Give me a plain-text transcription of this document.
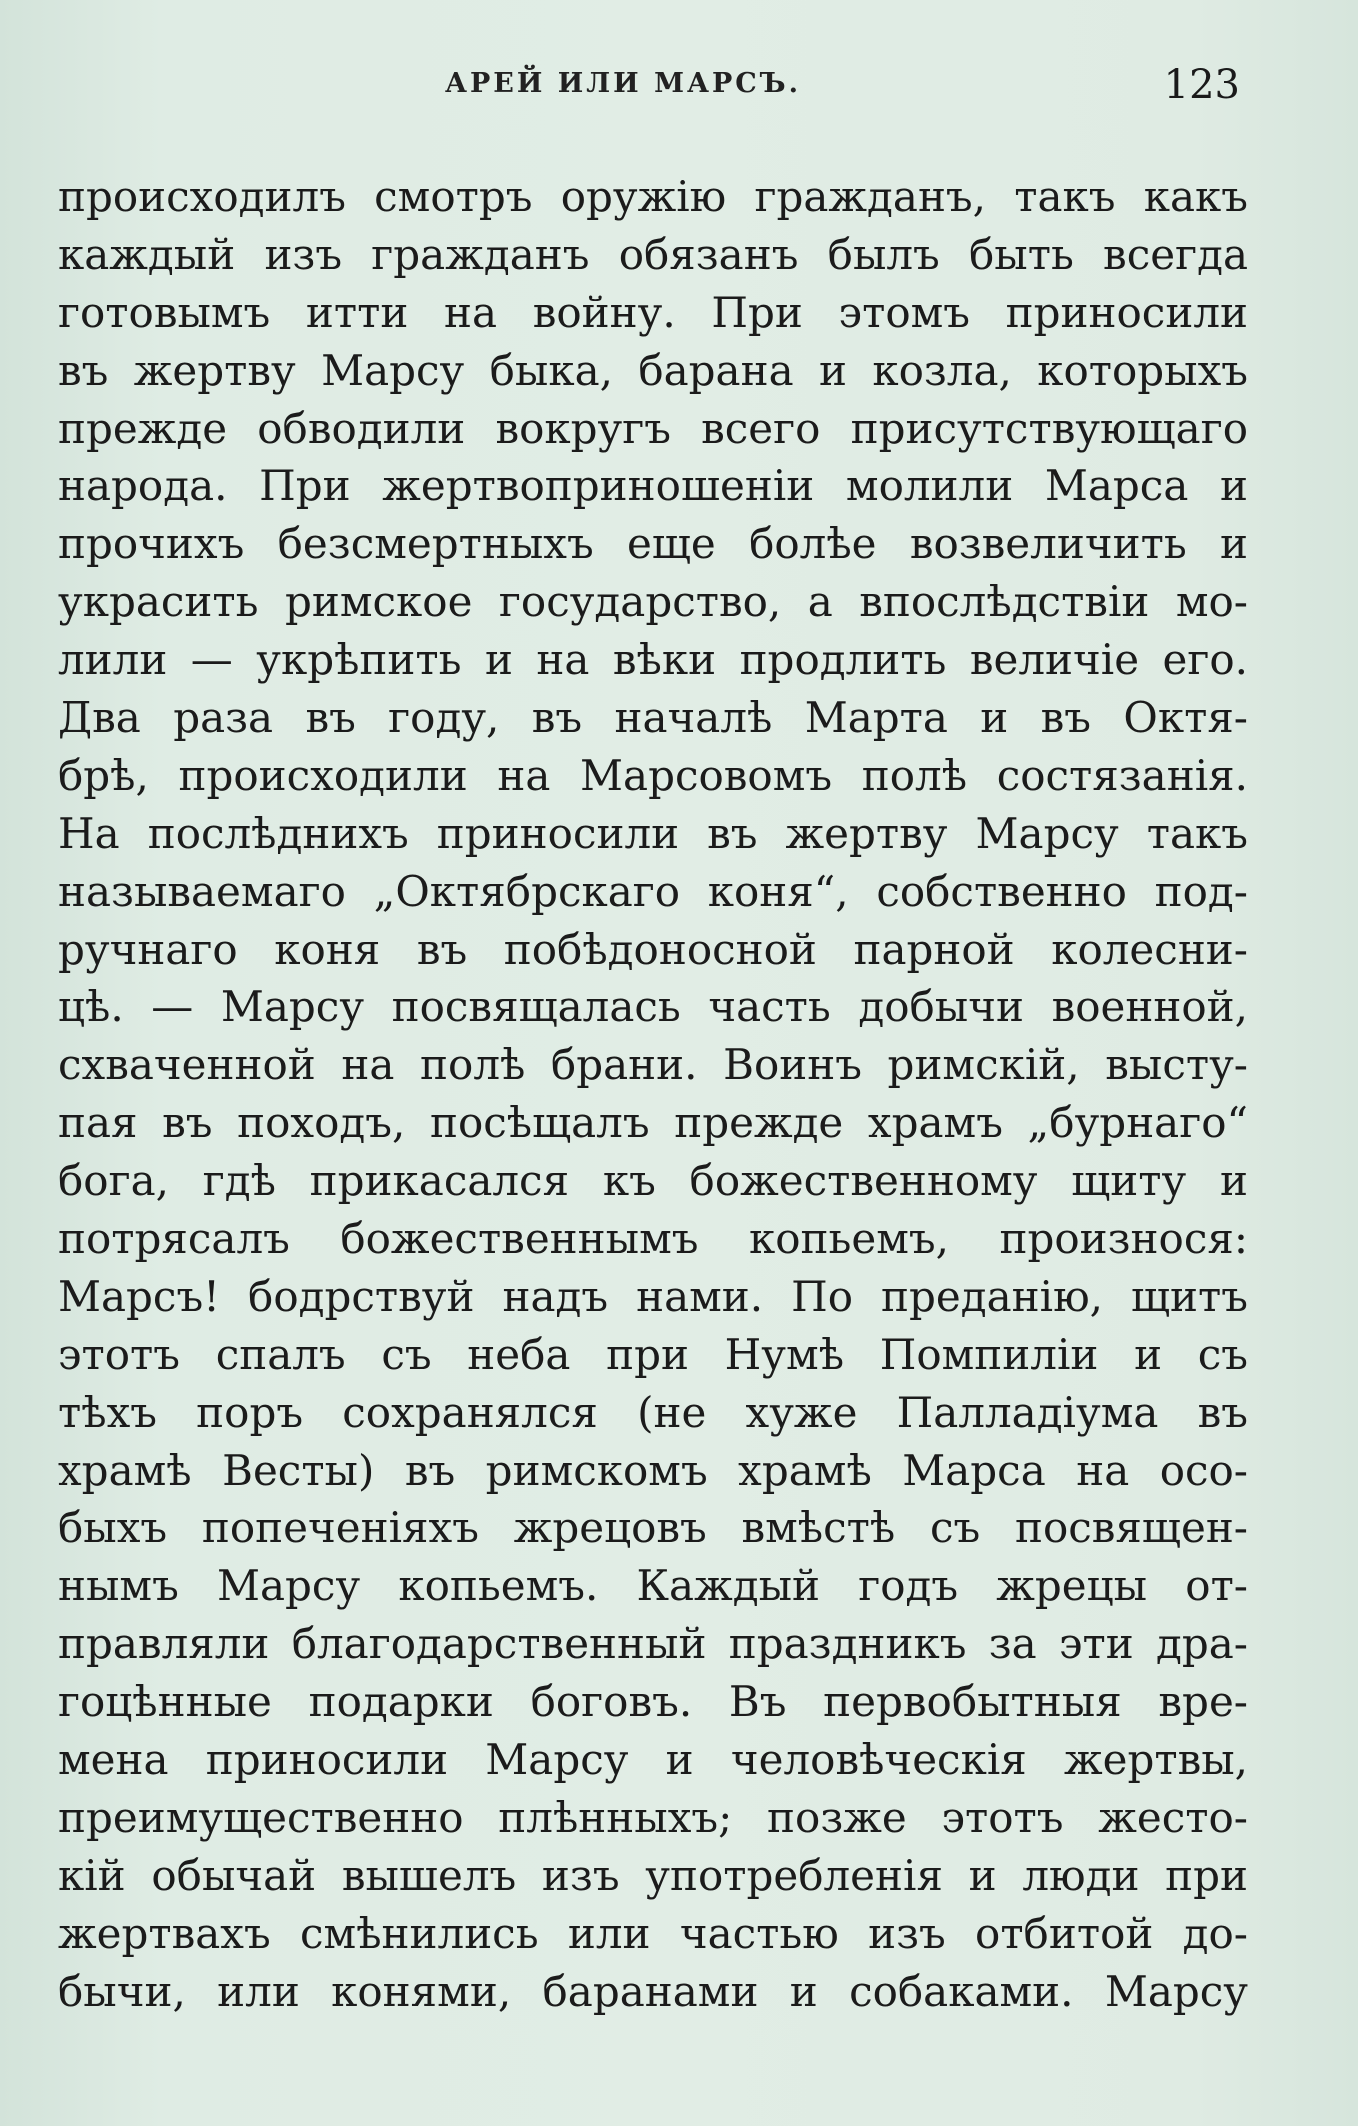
АРЕЙ ИЛИ МАРСЪ.	123
происходилъ смотръ оружію гражданъ, такъ какъ
каждый изъ гражданъ обязанъ былъ быть всегда
готовымъ итти на войну. При этомъ приносили
въ жертву Марсу быка, барана и козла, которыхъ
прежде обводили вокругъ всего присутствующаго
народа. При жертвоприношеніи молили Марса и
прочихъ безсмертныхъ еще болѣе возвеличить и
украсить римское государство, а впослѣдствіи мо-
лили — укрѣпить и на вѣки продлить величіе его.
Два раза въ году, въ началѣ Марта и въ Октя-
брѣ, происходили на Марсовомъ полѣ состязанія.
На послѣднихъ приносили въ жертву Марсу такъ
называемаго „Октябрскаго коня“, собственно под-
ручнаго коня въ побѣдоносной парной колесни-
цѣ. — Марсу посвящалась часть добычи военной,
схваченной на полѣ брани. Воинъ римскій, высту-
пая въ походъ, посѣщалъ прежде храмъ „бурнаго“
бога, гдѣ прикасался къ божественному щиту и
потрясалъ божественнымъ копьемъ, произнося:
Марсъ! бодрствуй надъ нами. По преданію, щитъ
этотъ спалъ съ неба при Нумѣ Помпиліи и съ
тѣхъ поръ сохранялся (не хуже Палладіума въ
храмѣ Весты) въ римскомъ храмѣ Марса на осо-
быхъ попеченіяхъ жрецовъ вмѣстѣ съ посвящен-
нымъ Марсу копьемъ. Каждый годъ жрецы от-
правляли благодарственный праздникъ за эти дра-
гоцѣнные подарки боговъ. Въ первобытныя вре-
мена приносили Марсу и человѣческія жертвы,
преимущественно плѣнныхъ; позже этотъ жесто-
кій обычай вышелъ изъ употребленія и люди при
жертвахъ смѣнились или частью изъ отбитой до-
бычи, или конями, баранами и собаками. Марсу
